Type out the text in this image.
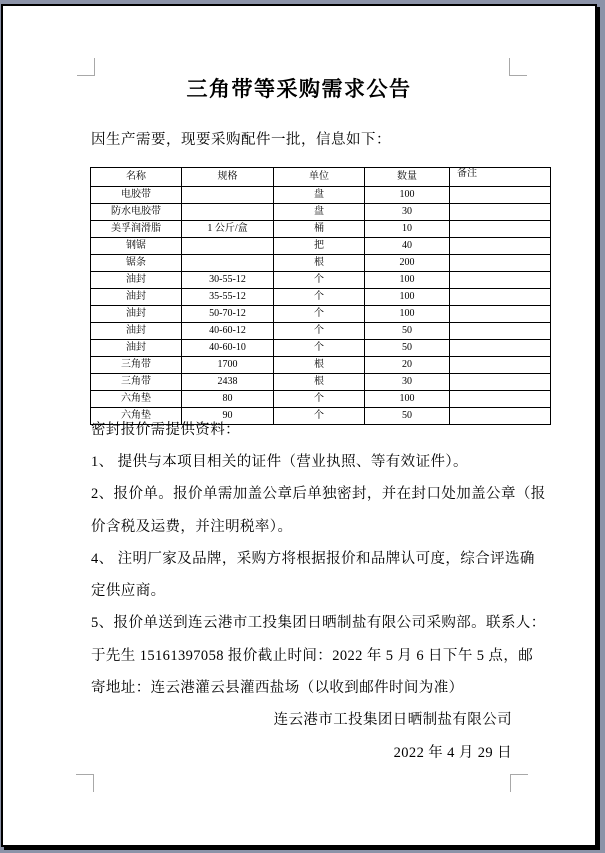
三角带等采购需求公告
因生产需要，现要采购配件一批，信息如下：
名称	规格	单位	数量	备注
电胶带		盘	100	
防水电胶带		盘	30	
美孚润滑脂	1 公斤/盒	桶	10	
钢锯		把	40	
锯条		根	200	
油封	30-55-12	个	100	
油封	35-55-12	个	100	
油封	50-70-12	个	100	
油封	40-60-12	个	50	
油封	40-60-10	个	50	
三角带	1700	根	20	
三角带	2438	根	30	
六角垫	80	个	100	
六角垫	90	个	50	
密封报价需提供资料：
1、 提供与本项目相关的证件（营业执照、等有效证件）。
2、报价单。报价单需加盖公章后单独密封，并在封口处加盖公章（报
价含税及运费，并注明税率）。
4、 注明厂家及品牌，采购方将根据报价和品牌认可度，综合评选确
定供应商。
5、报价单送到连云港市工投集团日晒制盐有限公司采购部。联系人：
于先生 15161397058 报价截止时间：2022 年 5 月 6 日下午 5 点，邮
寄地址：连云港灌云县灌西盐场（以收到邮件时间为准）
连云港市工投集团日晒制盐有限公司
2022 年 4 月 29 日
